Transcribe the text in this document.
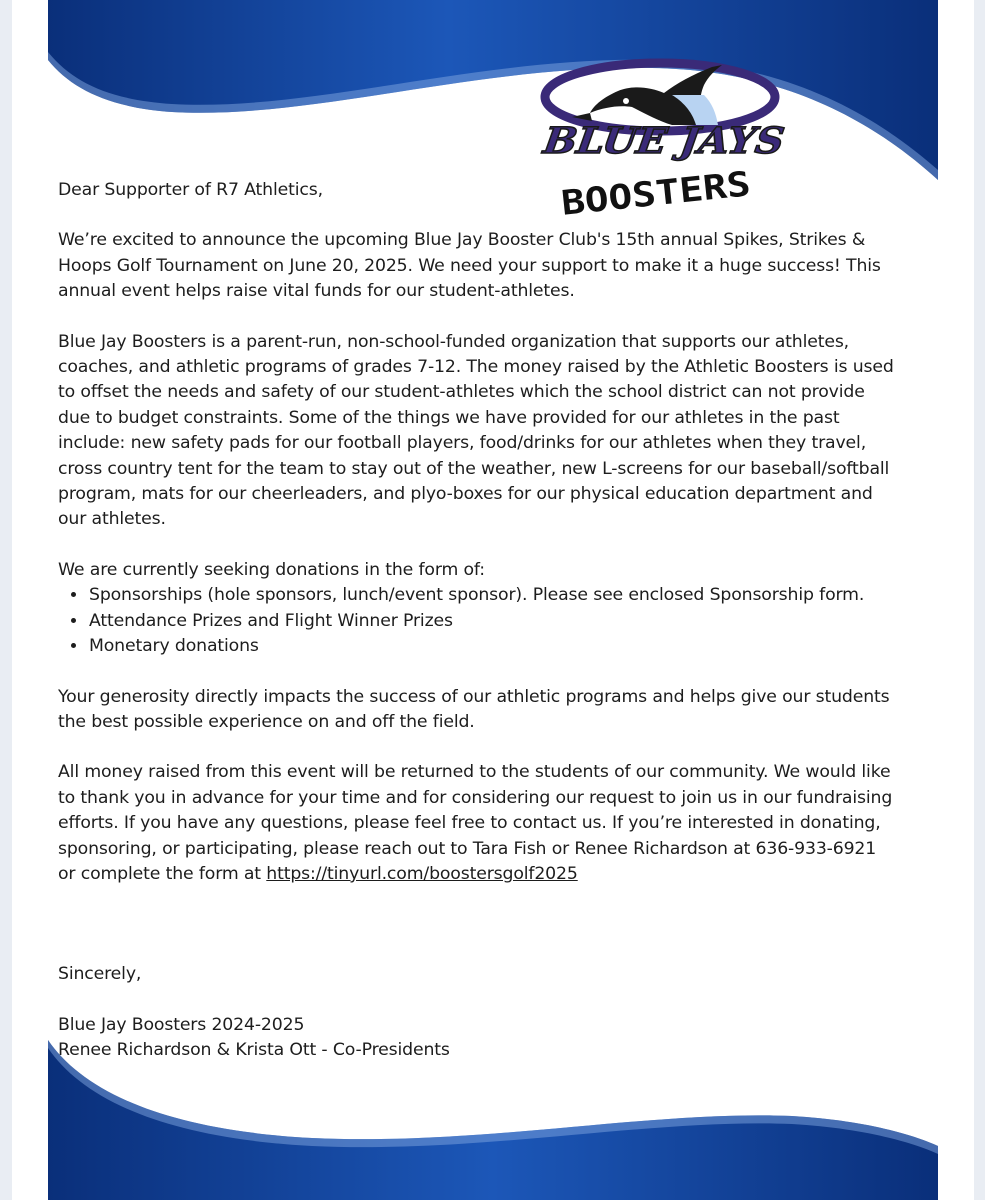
BLUE JAYS
BOOSTERS

Dear Supporter of R7 Athletics,

We’re excited to announce the upcoming Blue Jay Booster Club's 15th annual Spikes, Strikes & Hoops Golf Tournament on June 20, 2025. We need your support to make it a huge success! This annual event helps raise vital funds for our student-athletes.

Blue Jay Boosters is a parent-run, non-school-funded organization that supports our athletes, coaches, and athletic programs of grades 7-12. The money raised by the Athletic Boosters is used to offset the needs and safety of our student-athletes which the school district can not provide due to budget constraints. Some of the things we have provided for our athletes in the past include: new safety pads for our football players, food/drinks for our athletes when they travel, cross country tent for the team to stay out of the weather, new L-screens for our baseball/softball program, mats for our cheerleaders, and plyo-boxes for our physical education department and our athletes.

We are currently seeking donations in the form of:
• Sponsorships (hole sponsors, lunch/event sponsor). Please see enclosed Sponsorship form.
• Attendance Prizes and Flight Winner Prizes
• Monetary donations

Your generosity directly impacts the success of our athletic programs and helps give our students the best possible experience on and off the field.

All money raised from this event will be returned to the students of our community. We would like to thank you in advance for your time and for considering our request to join us in our fundraising efforts. If you have any questions, please feel free to contact us. If you’re interested in donating, sponsoring, or participating, please reach out to Tara Fish or Renee Richardson at 636-933-6921 or complete the form at https://tinyurl.com/boostersgolf2025

Sincerely,

Blue Jay Boosters 2024-2025

Renee Richardson & Krista Ott - Co-Presidents
